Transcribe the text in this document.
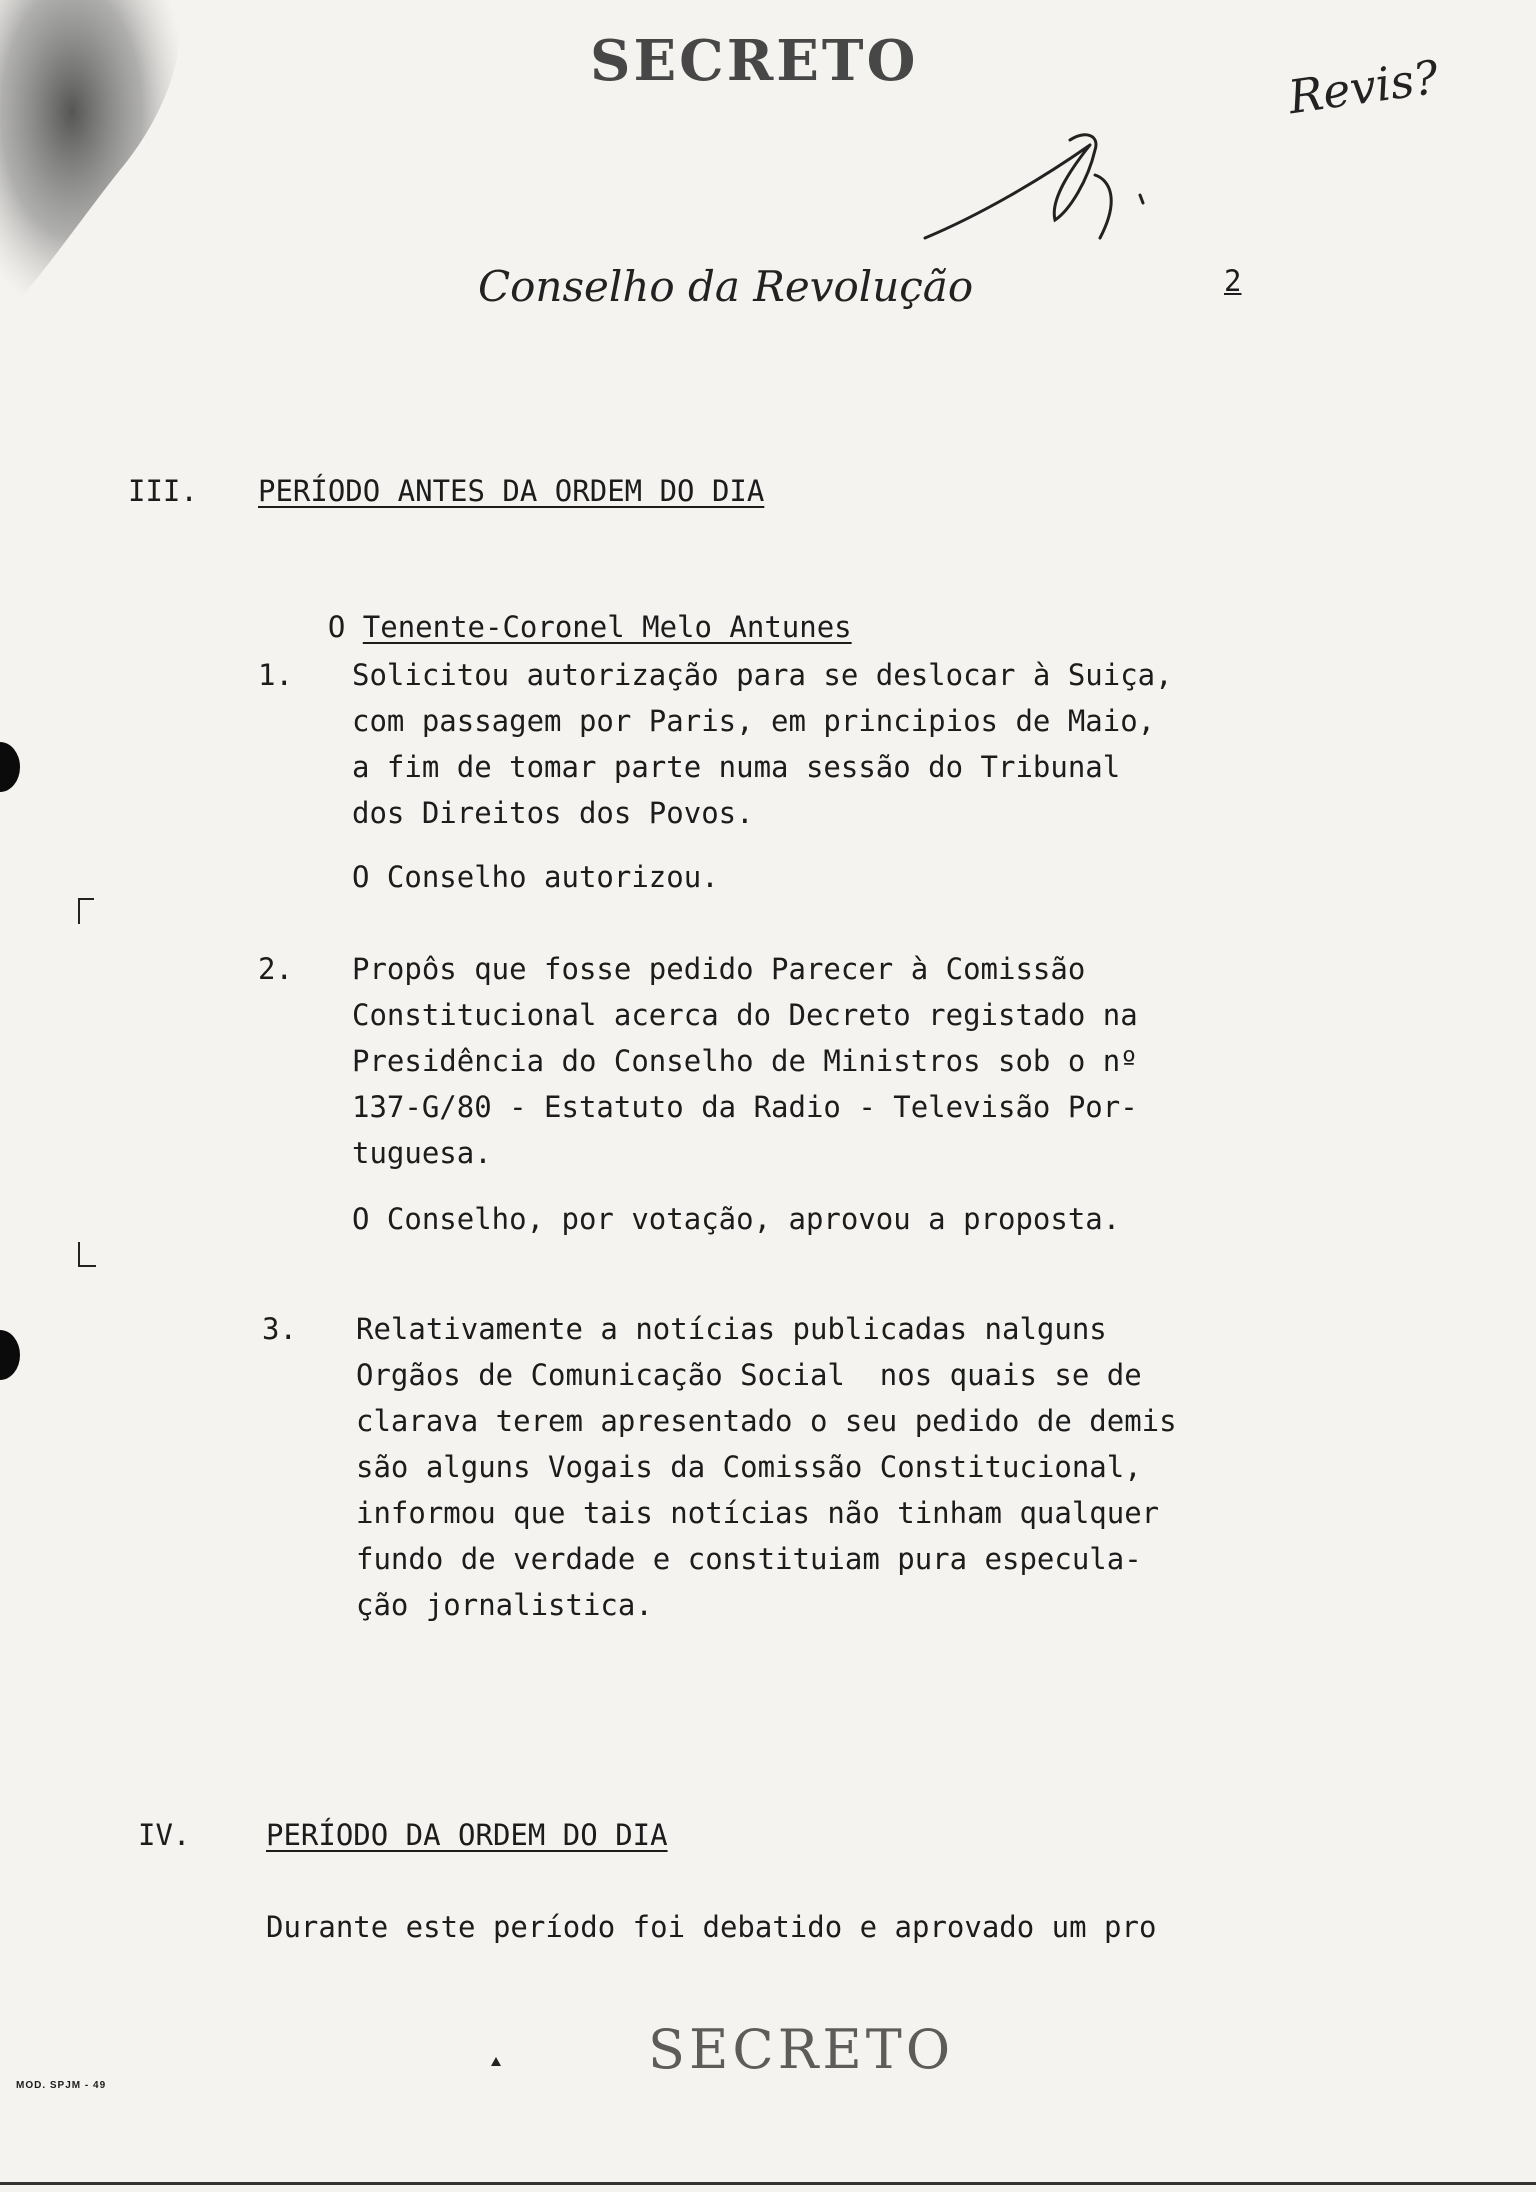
SECRETO	Revis?
Conselho da Revolução	2
III. PERÍODO ANTES DA ORDEM DO DIA

O Tenente-Coronel Melo Antunes

1. Solicitou autorização para se deslocar à Suiça,
com passagem por Paris, em principios de Maio,
a fim de tomar parte numa sessão do Tribunal
dos Direitos dos Povos.
O Conselho autorizou.
2. Propôs que fosse pedido Parecer à Comissão
Constitucional acerca do Decreto registado na
Presidência do Conselho de Ministros sob o nº
137-G/80 - Estatuto da Radio - Televisão Por-
tuguesa.
O Conselho, por votação, aprovou a proposta.
3. Relativamente a notícias publicadas nalguns
Orgãos de Comunicação Social  nos quais se de
clarava terem apresentado o seu pedido de demis
são alguns Vogais da Comissão Constitucional,
informou que tais notícias não tinham qualquer
fundo de verdade e constituiam pura especula-
ção jornalistica.
IV.	PERÍODO DA ORDEM DO DIA
Durante este período foi debatido e aprovado um pro
SECRETO
MOD. SPJM - 49
